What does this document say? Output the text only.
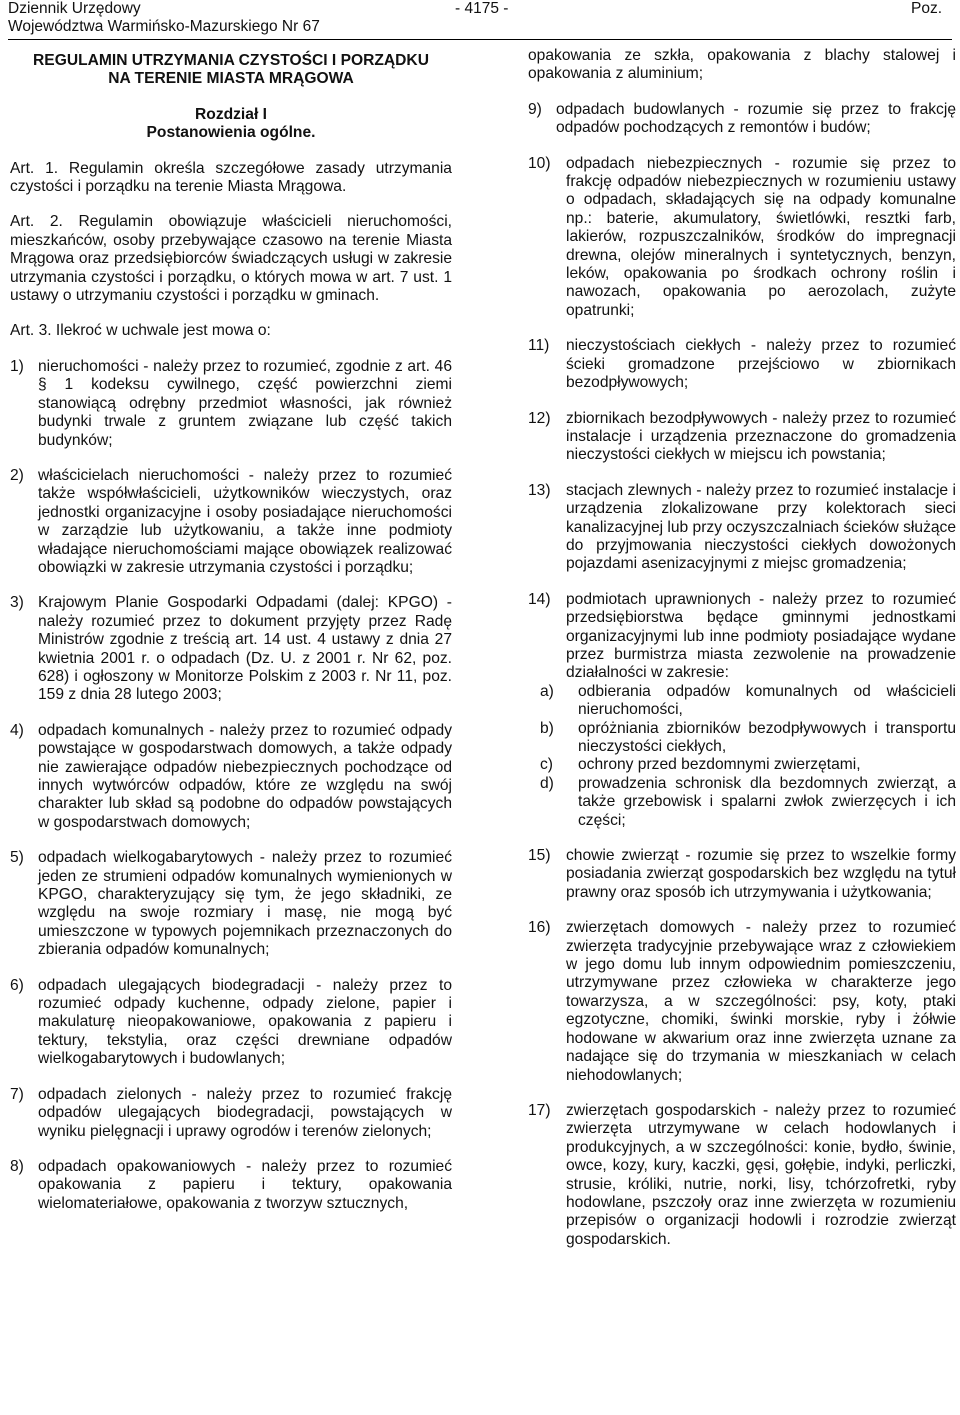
Dziennik Urzędowy
Województwa Warmińsko-Mazurskiego Nr 67
- 4175 -	Poz.
REGULAMIN UTRZYMANIA CZYSTOŚCI I PORZĄDKU
NA TERENIE MIASTA MRĄGOWA
Rozdział I
Postanowienia ogólne.
Art. 1. Regulamin określa szczegółowe zasady utrzymania czystości i porządku na terenie Miasta Mrągowa.
Art. 2. Regulamin obowiązuje właścicieli nieruchomości, mieszkańców, osoby przebywające czasowo na terenie Miasta Mrągowa oraz przedsiębiorców świadczących usługi w zakresie utrzymania czystości i porządku, o których mowa w art. 7 ust. 1 ustawy o utrzymaniu czystości i porządku w gminach.
Art. 3. Ilekroć w uchwale jest mowa o:
1) nieruchomości - należy przez to rozumieć, zgodnie z art. 46 § 1 kodeksu cywilnego, część powierzchni ziemi stanowiącą odrębny przedmiot własności, jak również budynki trwale z gruntem związane lub część takich budynków;
2) właścicielach nieruchomości - należy przez to rozumieć także współwłaścicieli, użytkowników wieczystych, oraz jednostki organizacyjne i osoby posiadające nieruchomości w zarządzie lub użytkowaniu, a także inne podmioty władające nieruchomościami mające obowiązek realizować obowiązki w zakresie utrzymania czystości i porządku;
3) Krajowym Planie Gospodarki Odpadami (dalej: KPGO) - należy rozumieć przez to dokument przyjęty przez Radę Ministrów zgodnie z treścią art. 14 ust. 4 ustawy z dnia 27 kwietnia 2001 r. o odpadach (Dz. U. z 2001 r. Nr 62, poz. 628) i ogłoszony w Monitorze Polskim z 2003 r. Nr 11, poz. 159 z dnia 28 lutego 2003;
4) odpadach komunalnych - należy przez to rozumieć odpady powstające w gospodarstwach domowych, a także odpady nie zawierające odpadów niebezpiecznych pochodzące od innych wytwórców odpadów, które ze względu na swój charakter lub skład są podobne do odpadów powstających w gospodarstwach domowych;
5) odpadach wielkogabarytowych - należy przez to rozumieć jeden ze strumieni odpadów komunalnych wymienionych w KPGO, charakteryzujący się tym, że jego składniki, ze względu na swoje rozmiary i masę, nie mogą być umieszczone w typowych pojemnikach przeznaczonych do zbierania odpadów komunalnych;
6) odpadach ulegających biodegradacji - należy przez to rozumieć odpady kuchenne, odpady zielone, papier i makulaturę nieopakowaniowe, opakowania z papieru i tektury, tekstylia, oraz części drewniane odpadów wielkogabarytowych i budowlanych;
7) odpadach zielonych - należy przez to rozumieć frakcję odpadów ulegających biodegradacji, powstających w wyniku pielęgnacji i uprawy ogrodów i terenów zielonych;
8) odpadach opakowaniowych - należy przez to rozumieć opakowania z papieru i tektury, opakowania wielomateriałowe, opakowania z tworzyw sztucznych,
opakowania ze szkła, opakowania z blachy stalowej i opakowania z aluminium;
9) odpadach budowlanych - rozumie się przez to frakcję odpadów pochodzących z remontów i budów;
10) odpadach niebezpiecznych - rozumie się przez to frakcję odpadów niebezpiecznych w rozumieniu ustawy o odpadach, składających się na odpady komunalne np.: baterie, akumulatory, świetlówki, resztki farb, lakierów, rozpuszczalników, środków do impregnacji drewna, olejów mineralnych i syntetycznych, benzyn, leków, opakowania po środkach ochrony roślin i nawozach, opakowania po aerozolach, zużyte opatrunki;
11)	nieczystościach ciekłych - należy przez to rozumieć ścieki gromadzone przejściowo w zbiornikach bezodpływowych;
12) zbiornikach bezodpływowych - należy przez to rozumieć instalacje i urządzenia przeznaczone do gromadzenia nieczystości ciekłych w miejscu ich powstania;
13) stacjach zlewnych - należy przez to rozumieć instalacje i urządzenia zlokalizowane przy kolektorach sieci kanalizacyjnej lub przy oczyszczalniach ścieków służące do przyjmowania nieczystości ciekłych dowożonych pojazdami asenizacyjnymi z miejsc gromadzenia;
14) podmiotach uprawnionych - należy przez to rozumieć przedsiębiorstwa będące gminnymi jednostkami organizacyjnymi lub inne podmioty posiadające wydane przez burmistrza miasta zezwolenie na prowadzenie działalności w zakresie:
a)	odbierania odpadów komunalnych od właścicieli nieruchomości,
b)	opróżniania zbiorników bezodpływowych i transportu nieczystości ciekłych,
c)	ochrony przed bezdomnymi zwierzętami,
d)	prowadzenia schronisk dla bezdomnych zwierząt, a także grzebowisk i spalarni zwłok zwierzęcych i ich części;
15) chowie zwierząt - rozumie się przez to wszelkie formy posiadania zwierząt gospodarskich bez względu na tytuł prawny oraz sposób ich utrzymywania i użytkowania;
16) zwierzętach domowych - należy przez to rozumieć zwierzęta tradycyjnie przebywające wraz z człowiekiem w jego domu lub innym odpowiednim pomieszczeniu, utrzymywane przez człowieka w charakterze jego towarzysza, a w szczególności: psy, koty, ptaki egzotyczne, chomiki, świnki morskie, ryby i żółwie hodowane w akwarium oraz inne zwierzęta uznane za nadające się do trzymania w mieszkaniach w celach niehodowlanych;
17) zwierzętach gospodarskich - należy przez to rozumieć zwierzęta utrzymywane w celach hodowlanych i produkcyjnych, a w szczególności: konie, bydło, świnie, owce, kozy, kury, kaczki, gęsi, gołębie, indyki, perliczki, strusie, króliki, nutrie, norki, lisy, tchórzofretki, ryby hodowlane, pszczoły oraz inne zwierzęta w rozumieniu przepisów o organizacji hodowli i rozrodzie zwierząt gospodarskich.
